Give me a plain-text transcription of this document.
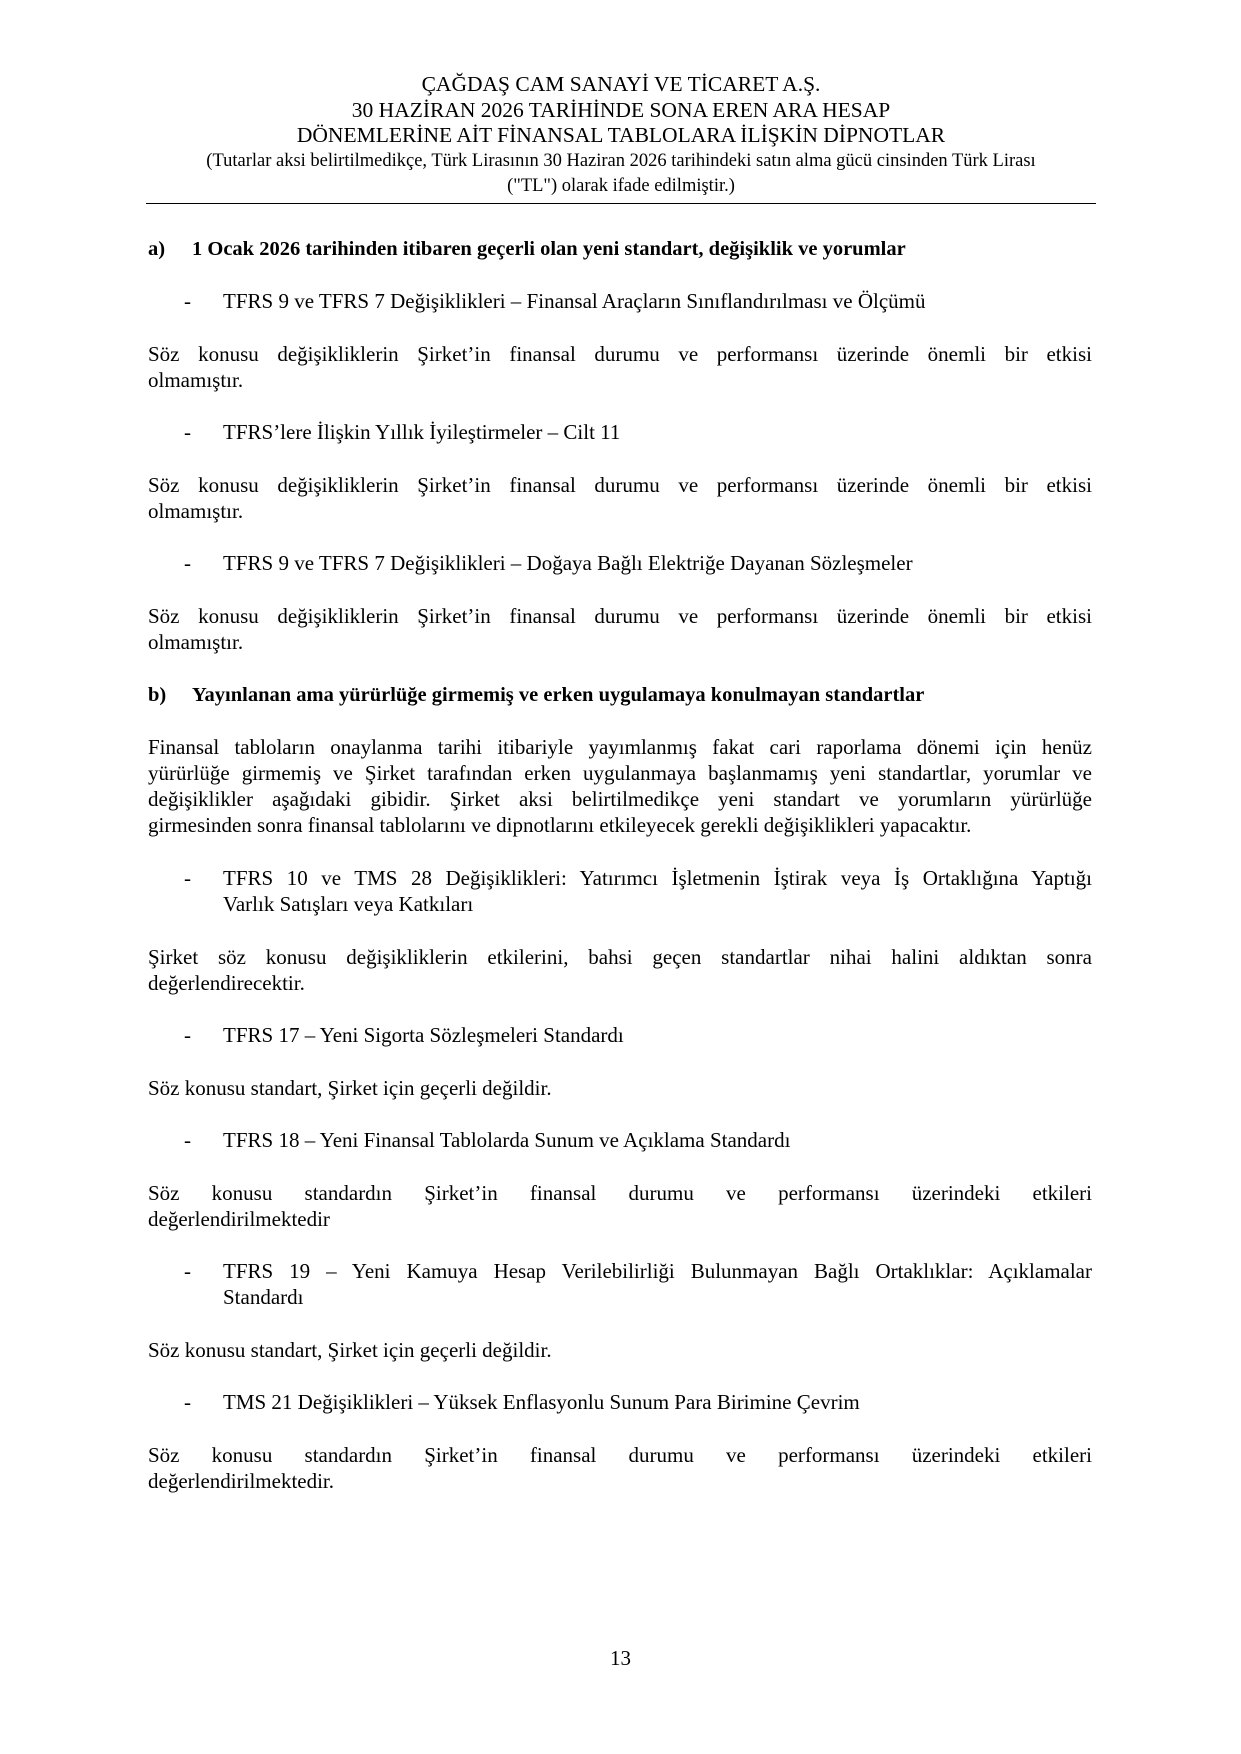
ÇAĞDAŞ CAM SANAYİ VE TİCARET A.Ş.
30 HAZİRAN 2026 TARİHİNDE SONA EREN ARA HESAP
DÖNEMLERİNE AİT FİNANSAL TABLOLARA İLİŞKİN DİPNOTLAR
(Tutarlar aksi belirtilmedikçe, Türk Lirasının 30 Haziran 2026 tarihindeki satın alma gücü cinsinden Türk Lirası
("TL") olarak ifade edilmiştir.)
a) 1 Ocak 2026 tarihinden itibaren geçerli olan yeni standart, değişiklik ve yorumlar
- TFRS 9 ve TFRS 7 Değişiklikleri – Finansal Araçların Sınıflandırılması ve Ölçümü
Söz konusu değişikliklerin Şirket’in finansal durumu ve performansı üzerinde önemli bir etkisi
olmamıştır.
- TFRS’lere İlişkin Yıllık İyileştirmeler – Cilt 11
Söz konusu değişikliklerin Şirket’in finansal durumu ve performansı üzerinde önemli bir etkisi
olmamıştır.
- TFRS 9 ve TFRS 7 Değişiklikleri – Doğaya Bağlı Elektriğe Dayanan Sözleşmeler
Söz konusu değişikliklerin Şirket’in finansal durumu ve performansı üzerinde önemli bir etkisi
olmamıştır.
b) Yayınlanan ama yürürlüğe girmemiş ve erken uygulamaya konulmayan standartlar
Finansal tabloların onaylanma tarihi itibariyle yayımlanmış fakat cari raporlama dönemi için henüz
yürürlüğe girmemiş ve Şirket tarafından erken uygulanmaya başlanmamış yeni standartlar, yorumlar ve
değişiklikler aşağıdaki gibidir. Şirket aksi belirtilmedikçe yeni standart ve yorumların yürürlüğe
girmesinden sonra finansal tablolarını ve dipnotlarını etkileyecek gerekli değişiklikleri yapacaktır.
- TFRS 10 ve TMS 28 Değişiklikleri: Yatırımcı İşletmenin İştirak veya İş Ortaklığına Yaptığı
Varlık Satışları veya Katkıları
Şirket söz konusu değişikliklerin etkilerini, bahsi geçen standartlar nihai halini aldıktan sonra
değerlendirecektir.
- TFRS 17 – Yeni Sigorta Sözleşmeleri Standardı
Söz konusu standart, Şirket için geçerli değildir.
- TFRS 18 – Yeni Finansal Tablolarda Sunum ve Açıklama Standardı
Söz konusu standardın Şirket’in finansal durumu ve performansı üzerindeki etkileri
değerlendirilmektedir
- TFRS 19 – Yeni Kamuya Hesap Verilebilirliği Bulunmayan Bağlı Ortaklıklar: Açıklamalar
Standardı
Söz konusu standart, Şirket için geçerli değildir.
- TMS 21 Değişiklikleri – Yüksek Enflasyonlu Sunum Para Birimine Çevrim
Söz konusu standardın Şirket’in finansal durumu ve performansı üzerindeki etkileri
değerlendirilmektedir.
13
